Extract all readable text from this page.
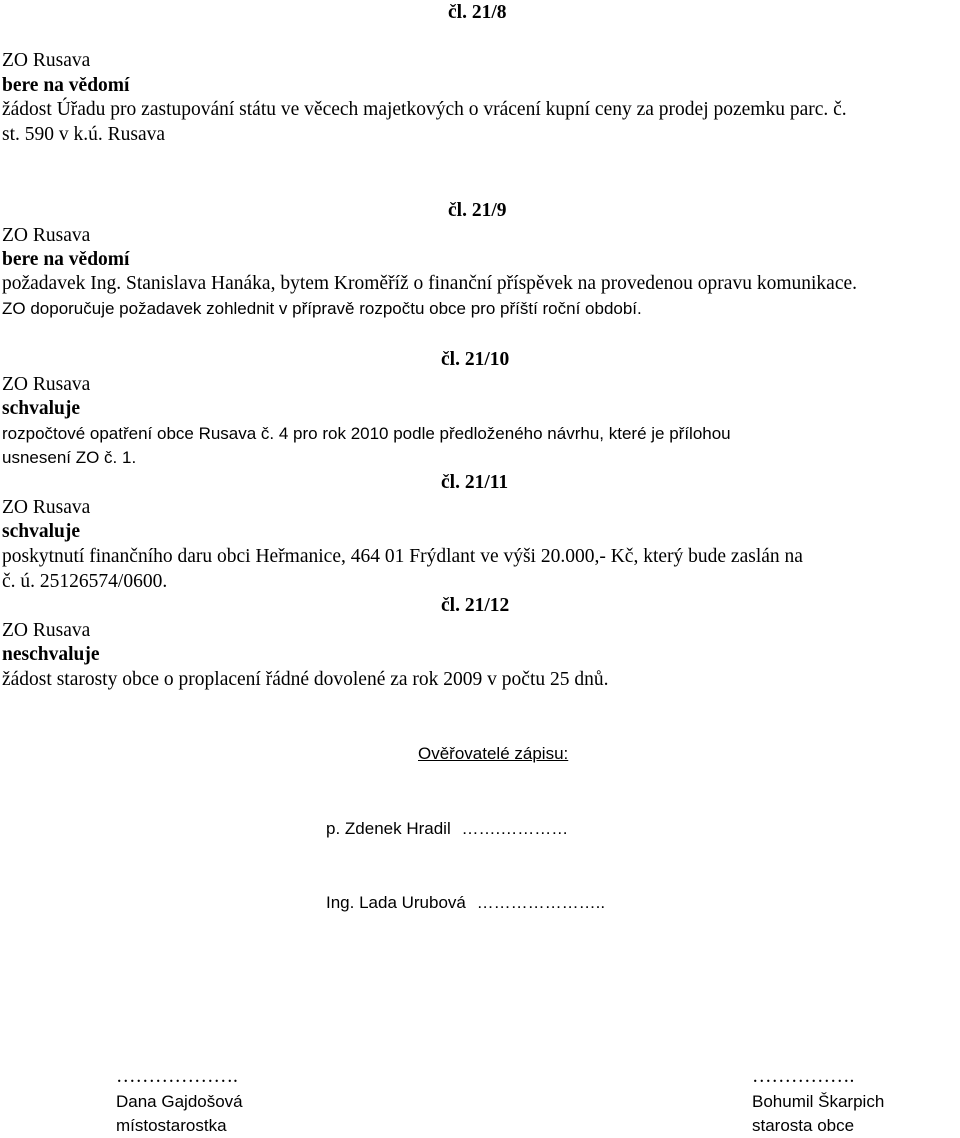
čl. 21/8
ZO Rusava
bere na vědomí
žádost Úřadu pro zastupování státu ve věcech majetkových o vrácení kupní ceny za prodej pozemku parc. č.
st. 590 v k.ú. Rusava
čl. 21/9
ZO Rusava
bere na vědomí
požadavek Ing. Stanislava Hanáka, bytem Kroměříž o finanční příspěvek na provedenou opravu komunikace.
ZO doporučuje požadavek zohlednit v přípravě rozpočtu obce pro příští roční období.
čl. 21/10
ZO Rusava
schvaluje
rozpočtové opatření obce Rusava č. 4 pro rok 2010 podle předloženého návrhu, které je přílohou
usnesení ZO č. 1.
čl. 21/11
ZO Rusava
schvaluje
poskytnutí finančního daru obci Heřmanice, 464 01 Frýdlant ve výši 20.000,- Kč, který bude zaslán na
č. ú. 25126574/0600.
čl. 21/12
ZO Rusava
neschvaluje
žádost starosty obce o proplacení řádné dovolené za rok 2009 v počtu 25 dnů.
Ověřovatelé zápisu:
p. Zdenek Hradil …….…………
Ing. Lada Urubová …………………..
……………….
Dana Gajdošová
místostarostka
…………….
Bohumil Škarpich
starosta obce
